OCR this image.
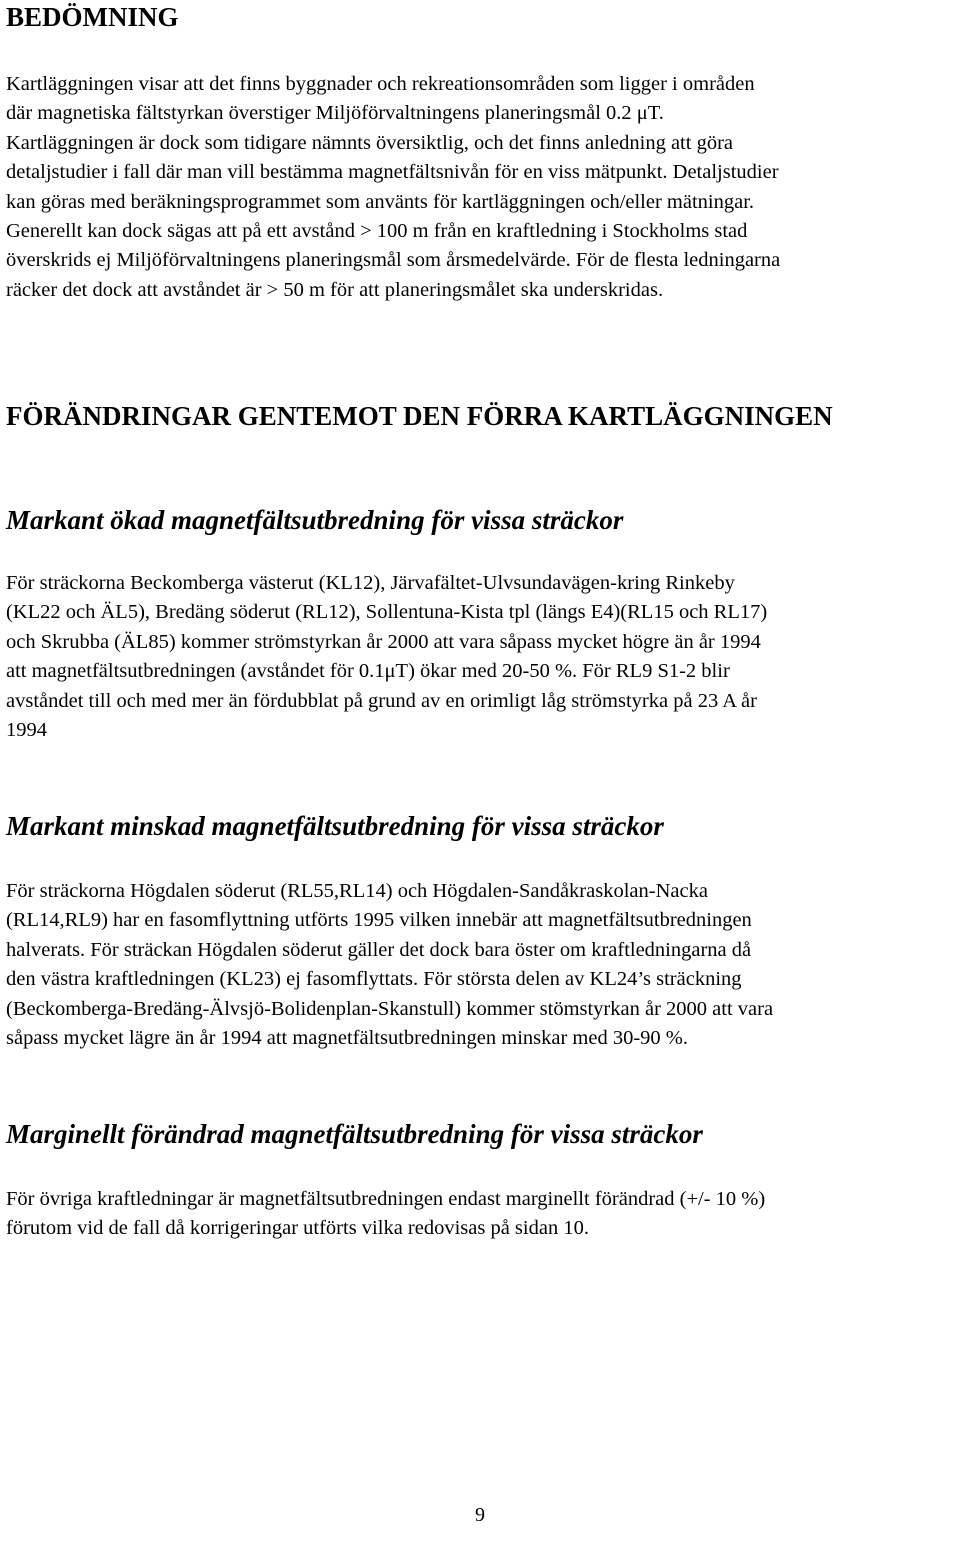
BEDÖMNING
Kartläggningen visar att det finns byggnader och rekreationsområden som ligger i områden
där magnetiska fältstyrkan överstiger Miljöförvaltningens planeringsmål 0.2 μT.
Kartläggningen är dock som tidigare nämnts översiktlig, och det finns anledning att göra
detaljstudier i fall där man vill bestämma magnetfältsnivån för en viss mätpunkt. Detaljstudier
kan göras med beräkningsprogrammet som använts för kartläggningen och/eller mätningar.
Generellt kan dock sägas att på ett avstånd > 100 m från en kraftledning i Stockholms stad
överskrids ej Miljöförvaltningens planeringsmål som årsmedelvärde. För de flesta ledningarna
räcker det dock att avståndet är > 50 m för att planeringsmålet ska underskridas.
FÖRÄNDRINGAR GENTEMOT DEN FÖRRA KARTLÄGGNINGEN
Markant ökad magnetfältsutbredning för vissa sträckor
För sträckorna Beckomberga västerut (KL12), Järvafältet-Ulvsundavägen-kring Rinkeby
(KL22 och ÄL5), Bredäng söderut (RL12), Sollentuna-Kista tpl (längs E4)(RL15 och RL17)
och Skrubba (ÄL85) kommer strömstyrkan år 2000 att vara såpass mycket högre än år 1994
att magnetfältsutbredningen (avståndet för 0.1μT) ökar med 20-50 %. För RL9 S1-2 blir
avståndet till och med mer än fördubblat på grund av en orimligt låg strömstyrka på 23 A år
1994
Markant minskad magnetfältsutbredning för vissa sträckor
För sträckorna Högdalen söderut (RL55,RL14) och Högdalen-Sandåkraskolan-Nacka
(RL14,RL9) har en fasomflyttning utförts 1995 vilken innebär att magnetfältsutbredningen
halverats. För sträckan Högdalen söderut gäller det dock bara öster om kraftledningarna då
den västra kraftledningen (KL23) ej fasomflyttats. För största delen av KL24’s sträckning
(Beckomberga-Bredäng-Älvsjö-Bolidenplan-Skanstull) kommer stömstyrkan år 2000 att vara
såpass mycket lägre än år 1994 att magnetfältsutbredningen minskar med 30-90 %.
Marginellt förändrad magnetfältsutbredning för vissa sträckor
För övriga kraftledningar är magnetfältsutbredningen endast marginellt förändrad (+/- 10 %)
förutom vid de fall då korrigeringar utförts vilka redovisas på sidan 10.
9
